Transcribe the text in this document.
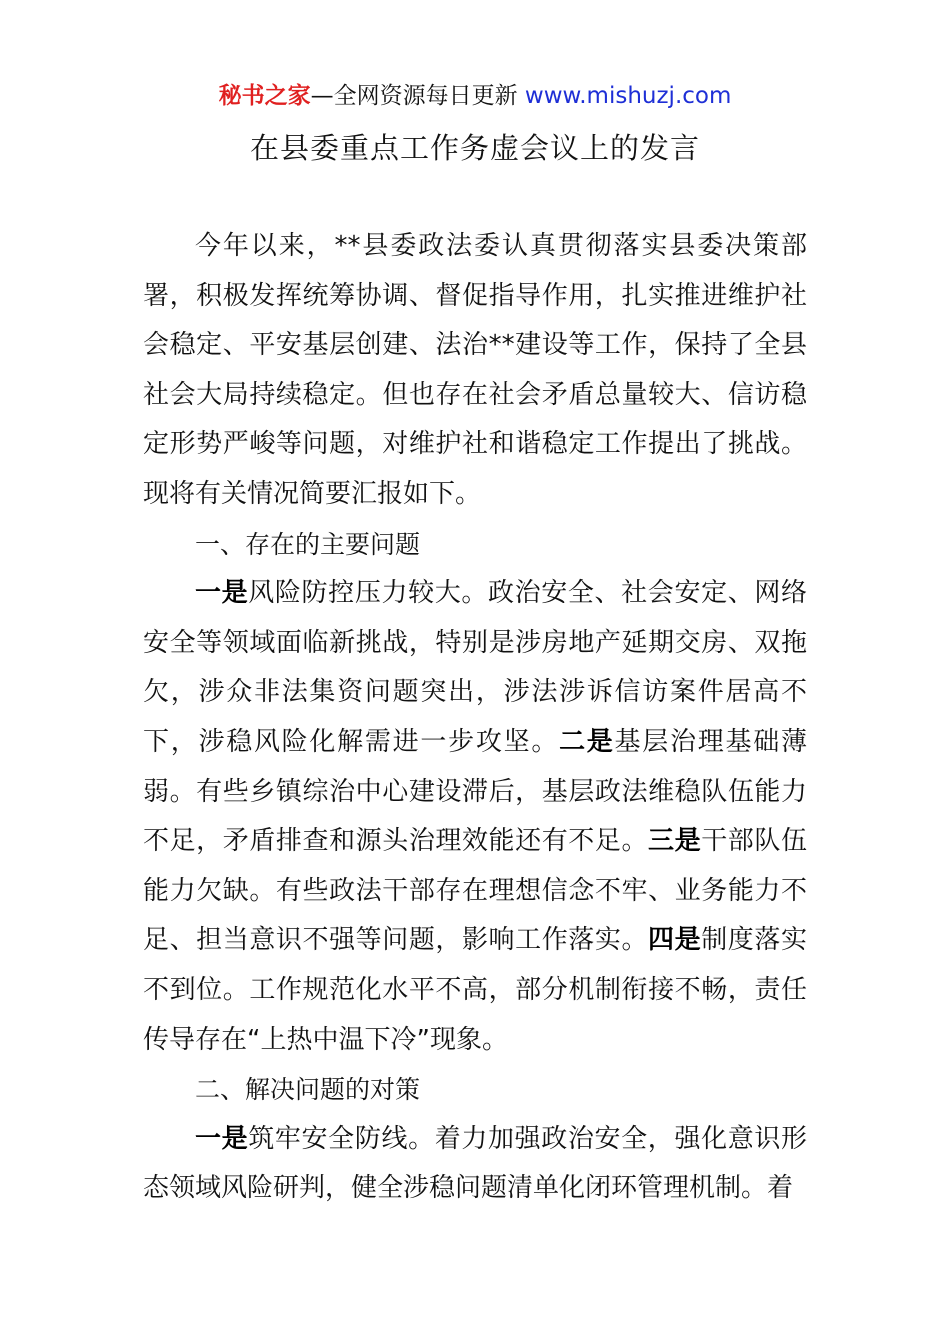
秘书之家—全网资源每日更新 www.mishuzj.com
在县委重点工作务虚会议上的发言

今年以来，**县委政法委认真贯彻落实县委决策部署，积极发挥统筹协调、督促指导作用，扎实推进维护社会稳定、平安基层创建、法治**建设等工作，保持了全县社会大局持续稳定。但也存在社会矛盾总量较大、信访稳定形势严峻等问题，对维护社和谐稳定工作提出了挑战。现将有关情况简要汇报如下。

一、存在的主要问题

一是风险防控压力较大。政治安全、社会安定、网络安全等领域面临新挑战，特别是涉房地产延期交房、双拖欠，涉众非法集资问题突出，涉法涉诉信访案件居高不下，涉稳风险化解需进一步攻坚。二是基层治理基础薄弱。有些乡镇综治中心建设滞后，基层政法维稳队伍能力不足，矛盾排查和源头治理效能还有不足。三是干部队伍能力欠缺。有些政法干部存在理想信念不牢、业务能力不足、担当意识不强等问题，影响工作落实。四是制度落实不到位。工作规范化水平不高，部分机制衔接不畅，责任传导存在“上热中温下冷”现象。

二、解决问题的对策

一是筑牢安全防线。着力加强政治安全，强化意识形态领域风险研判，健全涉稳问题清单化闭环管理机制。着
